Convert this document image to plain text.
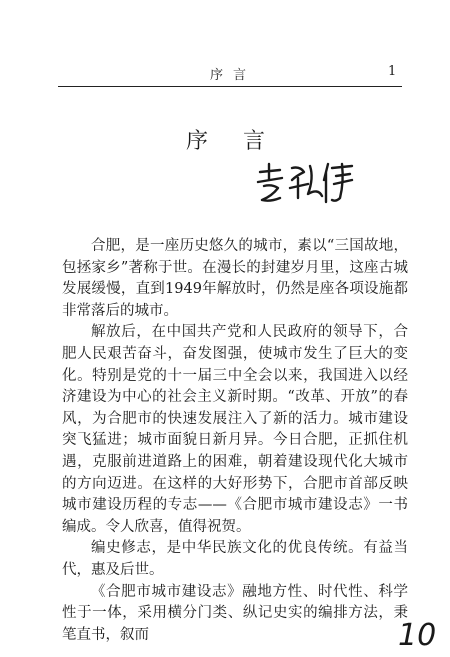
序言	1
序 言

合肥，是一座历史悠久的城市，素以“三国故地，包拯家乡”著称于世。在漫长的封建岁月里，这座古城发展缓慢，直到1949年解放时，仍然是座各项设施都非常落后的城市。

解放后，在中国共产党和人民政府的领导下，合肥人民艰苦奋斗，奋发图强，使城市发生了巨大的变化。特别是党的十一届三中全会以来，我国进入以经济建设为中心的社会主义新时期。“改革、开放”的春风，为合肥市的快速发展注入了新的活力。城市建设突飞猛进；城市面貌日新月异。今日合肥，正抓住机遇，克服前进道路上的困难，朝着建设现代化大城市的方向迈进。在这样的大好形势下，合肥市首部反映城市建设历程的专志——《合肥市城市建设志》一书编成。令人欣喜，值得祝贺。

编史修志，是中华民族文化的优良传统。有益当代，惠及后世。

《合肥市城市建设志》融地方性、时代性、科学性于一体，采用横分门类、纵记史实的编排方法，秉笔直书，叙而	10
